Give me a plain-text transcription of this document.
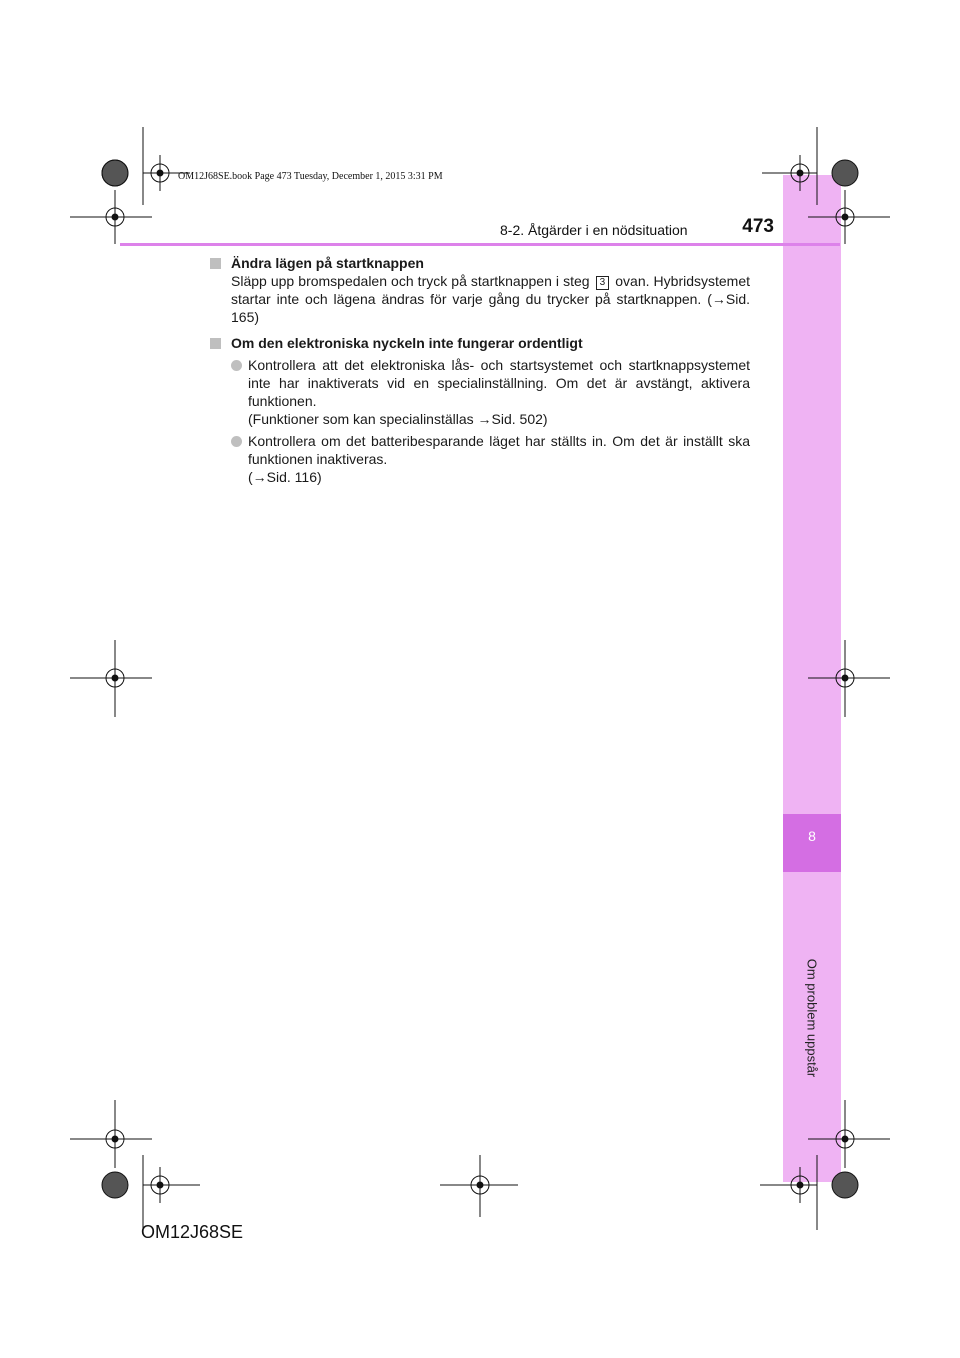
8
Om problem uppstår
OM12J68SE.book Page 473 Tuesday, December 1, 2015 3:31 PM
8-2. Åtgärder i en nödsituation	473
Ändra lägen på startknappen
Släpp upp bromspedalen och tryck på startknappen i steg 3 ovan. Hybridsystemet startar inte och lägena ändras för varje gång du trycker på startknappen. (→Sid. 165)
Om den elektroniska nyckeln inte fungerar ordentligt
Kontrollera att det elektroniska lås- och startsystemet och startknappsystemet inte har inaktiverats vid en specialinställning. Om det är avstängt, aktivera funktionen.
(Funktioner som kan specialinställas →Sid. 502)
Kontrollera om det batteribesparande läget har ställts in. Om det är inställt ska funktionen inaktiveras.
(→Sid. 116)
OM12J68SE
